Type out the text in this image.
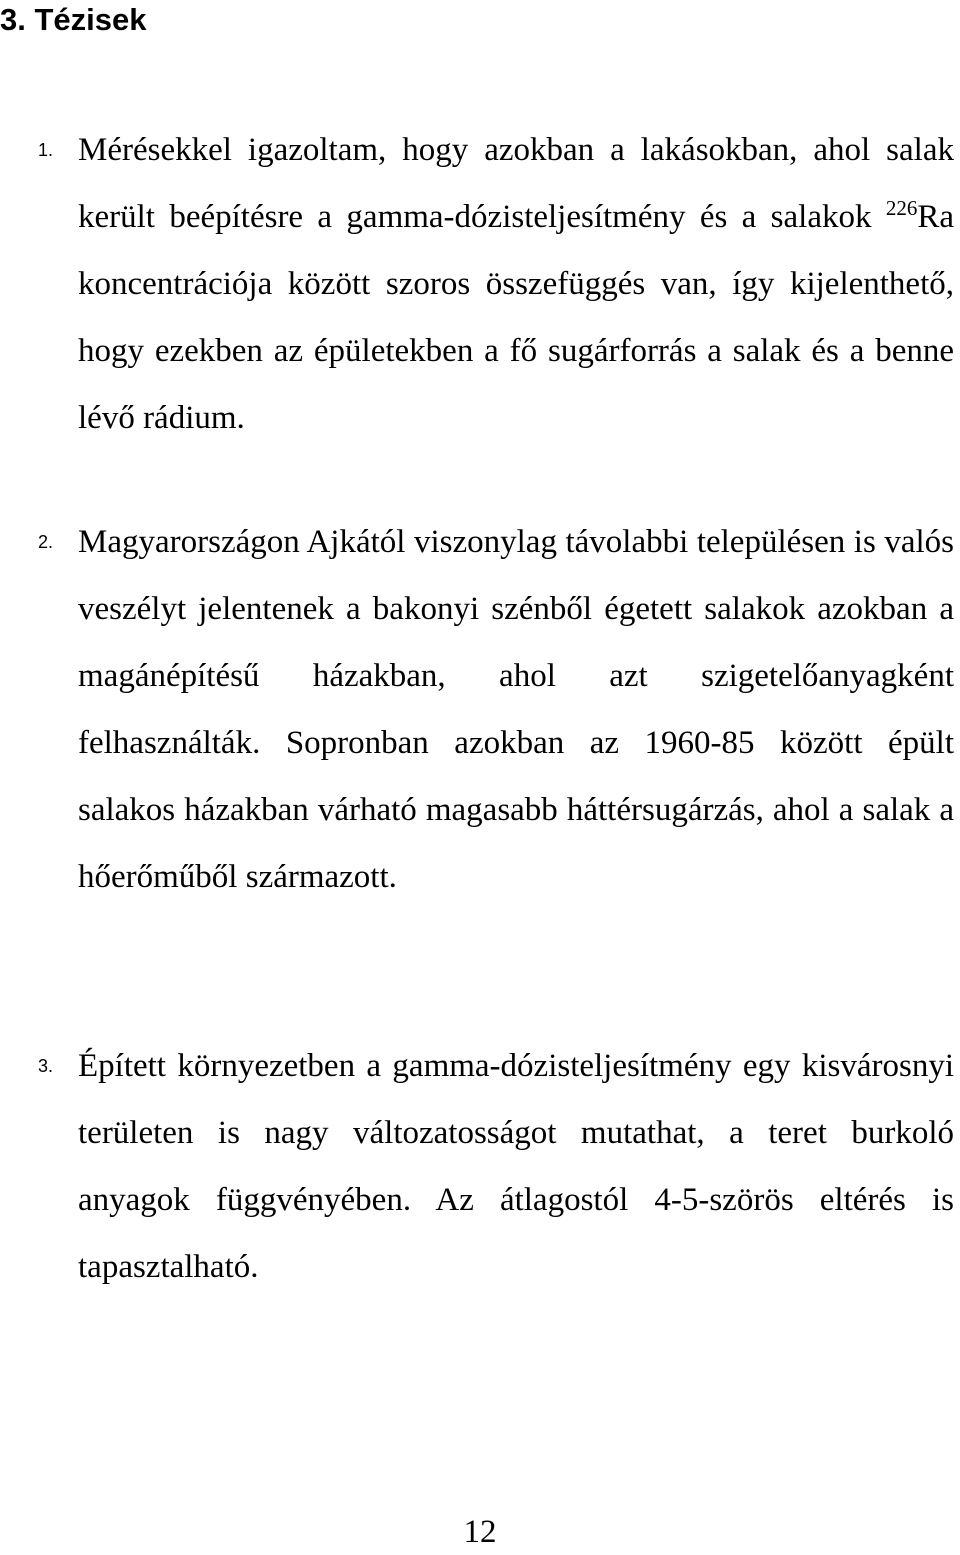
3. Tézisek
1. Mérésekkel igazoltam, hogy azokban a lakásokban, ahol salak került beépítésre a gamma-dózisteljesítmény és a salakok $^{226}$Ra koncentrációja között szoros összefüggés van, így kijelenthető, hogy ezekben az épületekben a fő sugárforrás a salak és a benne lévő rádium.
2. Magyarországon Ajkától viszonylag távolabbi településen is valós veszélyt jelentenek a bakonyi szénből égetett salakok azokban a magánépítésű házakban, ahol azt szigetelőanyagként felhasználták. Sopronban azokban az 1960-85 között épült salakos házakban várható magasabb háttérsugárzás, ahol a salak a hőerőműből származott.
3. Épített környezetben a gamma-dózisteljesítmény egy kisvárosnyi területen is nagy változatosságot mutathat, a teret burkoló anyagok függvényében. Az átlagostól 4-5-szörös eltérés is tapasztalható.
12
